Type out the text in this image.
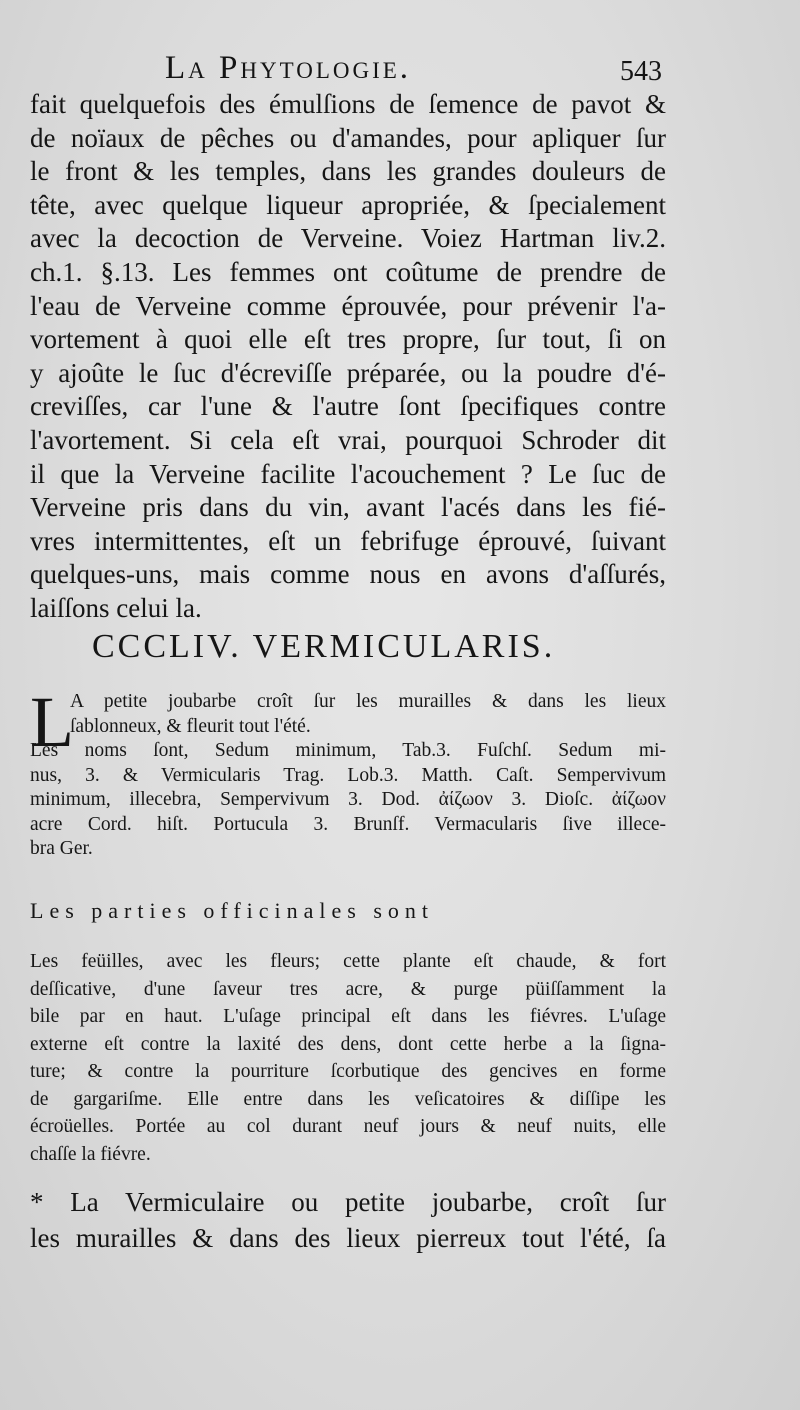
La Phytologie.	543
fait quelquefois des émulſions de ſemence de pavot &
de noïaux de pêches ou d'amandes, pour apliquer ſur
le front & les temples, dans les grandes douleurs de
tête, avec quelque liqueur apropriée, & ſpecialement
avec la decoction de Verveine. Voiez Hartman liv.2.
ch.1. §.13. Les femmes ont coûtume de prendre de
l'eau de Verveine comme éprouvée, pour prévenir l'a-
vortement à quoi elle eſt tres propre, ſur tout, ſi on
y ajoûte le ſuc d'écreviſſe préparée, ou la poudre d'é-
creviſſes, car l'une & l'autre ſont ſpecifiques contre
l'avortement. Si cela eſt vrai, pourquoi Schroder dit
il que la Verveine facilite l'acouchement ? Le ſuc de
Verveine pris dans du vin, avant l'acés dans les fié-
vres intermittentes, eſt un febrifuge éprouvé, ſuivant
quelques-uns, mais comme nous en avons d'aſſurés,
laiſſons celui la.
CCCLIV. VERMICULARIS.
L
A petite joubarbe croît ſur les murailles & dans les lieux
ſablonneux, & fleurit tout l'été.
Les noms ſont, Sedum minimum, Tab.3. Fuſchſ. Sedum mi-
nus, 3. & Vermicularis Trag. Lob.3. Matth. Caſt. Sempervivum
minimum, illecebra, Sempervivum 3. Dod. ἀίζωον 3. Dioſc. ἀίζωον
acre Cord. hiſt. Portucula 3. Brunſf. Vermacularis ſive illece-
bra Ger.
Les parties officinales sont
Les feüilles, avec les fleurs; cette plante eſt chaude, & fort
deſſicative, d'une ſaveur tres acre, & purge püiſſamment la
bile par en haut. L'uſage principal eſt dans les fiévres. L'uſage
externe eſt contre la laxité des dens, dont cette herbe a la ſigna-
ture; & contre la pourriture ſcorbutique des gencives en forme
de gargariſme. Elle entre dans les veſicatoires & diſſipe les
écroüelles. Portée au col durant neuf jours & neuf nuits, elle
chaſſe la fiévre.
* La Vermiculaire ou petite joubarbe, croît ſur
les murailles & dans des lieux pierreux tout l'été, ſa
